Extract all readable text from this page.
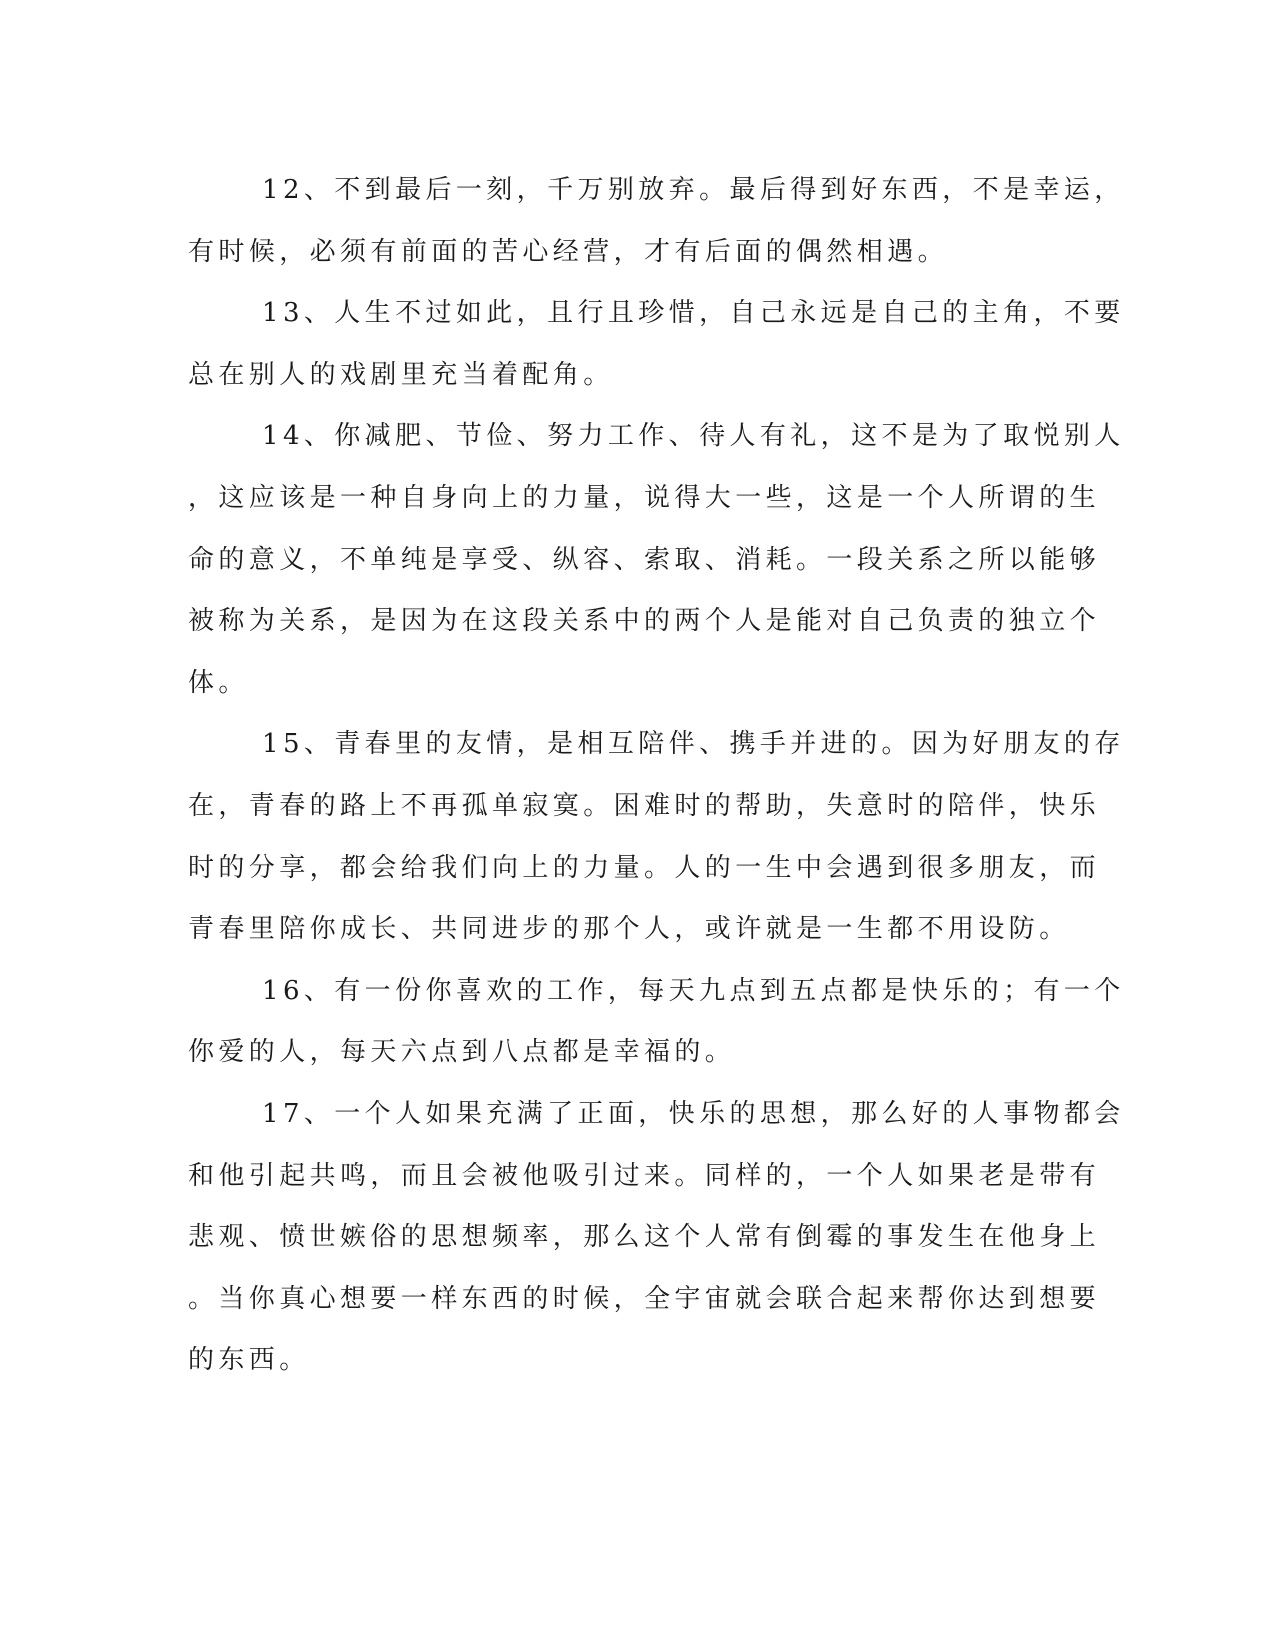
12、不到最后一刻，千万别放弃。最后得到好东西，不是幸运，
有时候，必须有前面的苦心经营，才有后面的偶然相遇。

13、人生不过如此，且行且珍惜，自己永远是自己的主角，不要
总在别人的戏剧里充当着配角。

14、你减肥、节俭、努力工作、待人有礼，这不是为了取悦别人
，这应该是一种自身向上的力量，说得大一些，这是一个人所谓的生
命的意义，不单纯是享受、纵容、索取、消耗。一段关系之所以能够
被称为关系，是因为在这段关系中的两个人是能对自己负责的独立个
体。

15、青春里的友情，是相互陪伴、携手并进的。因为好朋友的存
在，青春的路上不再孤单寂寞。困难时的帮助，失意时的陪伴，快乐
时的分享，都会给我们向上的力量。人的一生中会遇到很多朋友，而
青春里陪你成长、共同进步的那个人，或许就是一生都不用设防。

16、有一份你喜欢的工作，每天九点到五点都是快乐的；有一个
你爱的人，每天六点到八点都是幸福的。

17、一个人如果充满了正面，快乐的思想，那么好的人事物都会
和他引起共鸣，而且会被他吸引过来。同样的，一个人如果老是带有
悲观、愤世嫉俗的思想频率，那么这个人常有倒霉的事发生在他身上
。当你真心想要一样东西的时候，全宇宙就会联合起来帮你达到想要
的东西。
